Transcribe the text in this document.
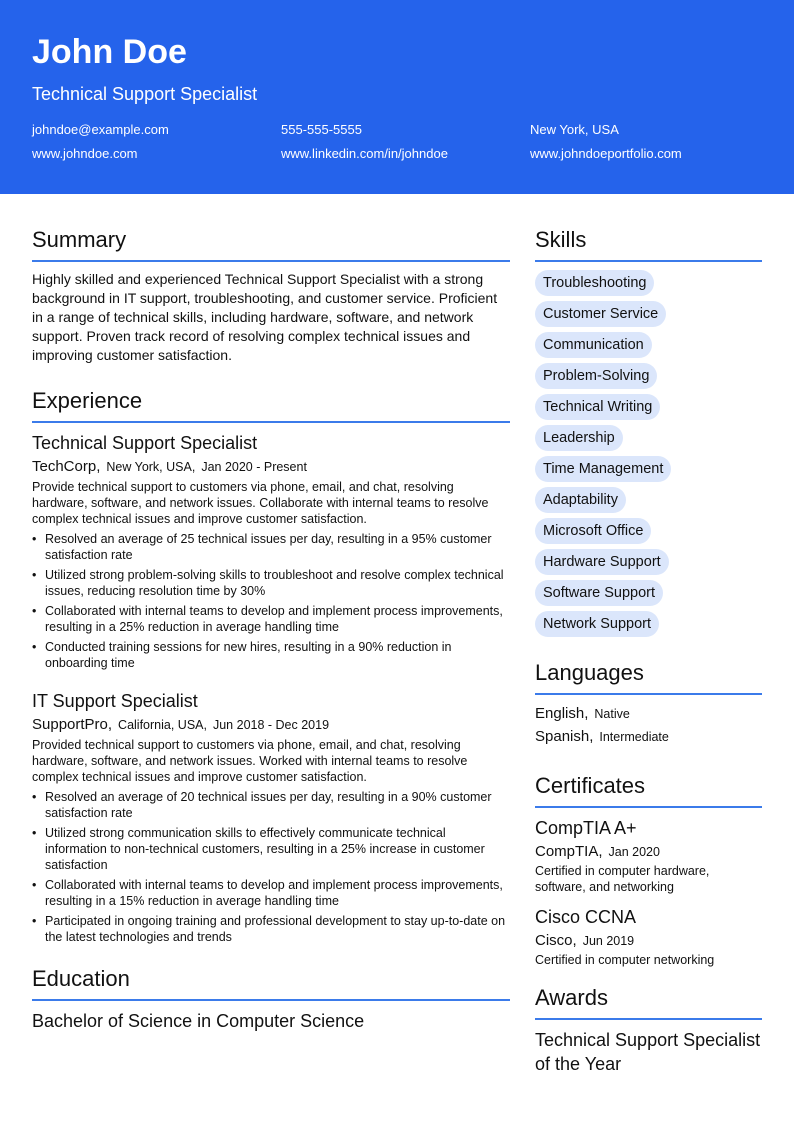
John Doe
Technical Support Specialist
johndoe@example.com	555-555-5555	New York, USA
www.johndoe.com	www.linkedin.com/in/johndoe	www.johndoeportfolio.com
Summary

Highly skilled and experienced Technical Support Specialist with a strong background in IT support, troubleshooting, and customer service. Proficient in a range of technical skills, including hardware, software, and network support. Proven track record of resolving complex technical issues and improving customer satisfaction.

Experience
Technical Support Specialist
TechCorp, New York, USA, Jan 2020 - Present
Provide technical support to customers via phone, email, and chat, resolving hardware, software, and network issues. Collaborate with internal teams to resolve complex technical issues and improve customer satisfaction.
• Resolved an average of 25 technical issues per day, resulting in a 95% customer satisfaction rate
• Utilized strong problem-solving skills to troubleshoot and resolve complex technical issues, reducing resolution time by 30%
• Collaborated with internal teams to develop and implement process improvements, resulting in a 25% reduction in average handling time
• Conducted training sessions for new hires, resulting in a 90% reduction in onboarding time
IT Support Specialist
SupportPro, California, USA, Jun 2018 - Dec 2019
Provided technical support to customers via phone, email, and chat, resolving hardware, software, and network issues. Worked with internal teams to resolve complex technical issues and improve customer satisfaction.
• Resolved an average of 20 technical issues per day, resulting in a 90% customer satisfaction rate
• Utilized strong communication skills to effectively communicate technical information to non-technical customers, resulting in a 25% increase in customer satisfaction
• Collaborated with internal teams to develop and implement process improvements, resulting in a 15% reduction in average handling time
• Participated in ongoing training and professional development to stay up-to-date on the latest technologies and trends
Education
Bachelor of Science in Computer Science
Skills
Troubleshooting
Customer Service
Communication
Problem-Solving
Technical Writing
Leadership
Time Management
Adaptability
Microsoft Office
Hardware Support
Software Support
Network Support
Languages
English, Native
Spanish, Intermediate
Certificates
CompTIA A+
CompTIA, Jan 2020
Certified in computer hardware, software, and networking
Cisco CCNA
Cisco, Jun 2019
Certified in computer networking
Awards
Technical Support Specialist of the Year
